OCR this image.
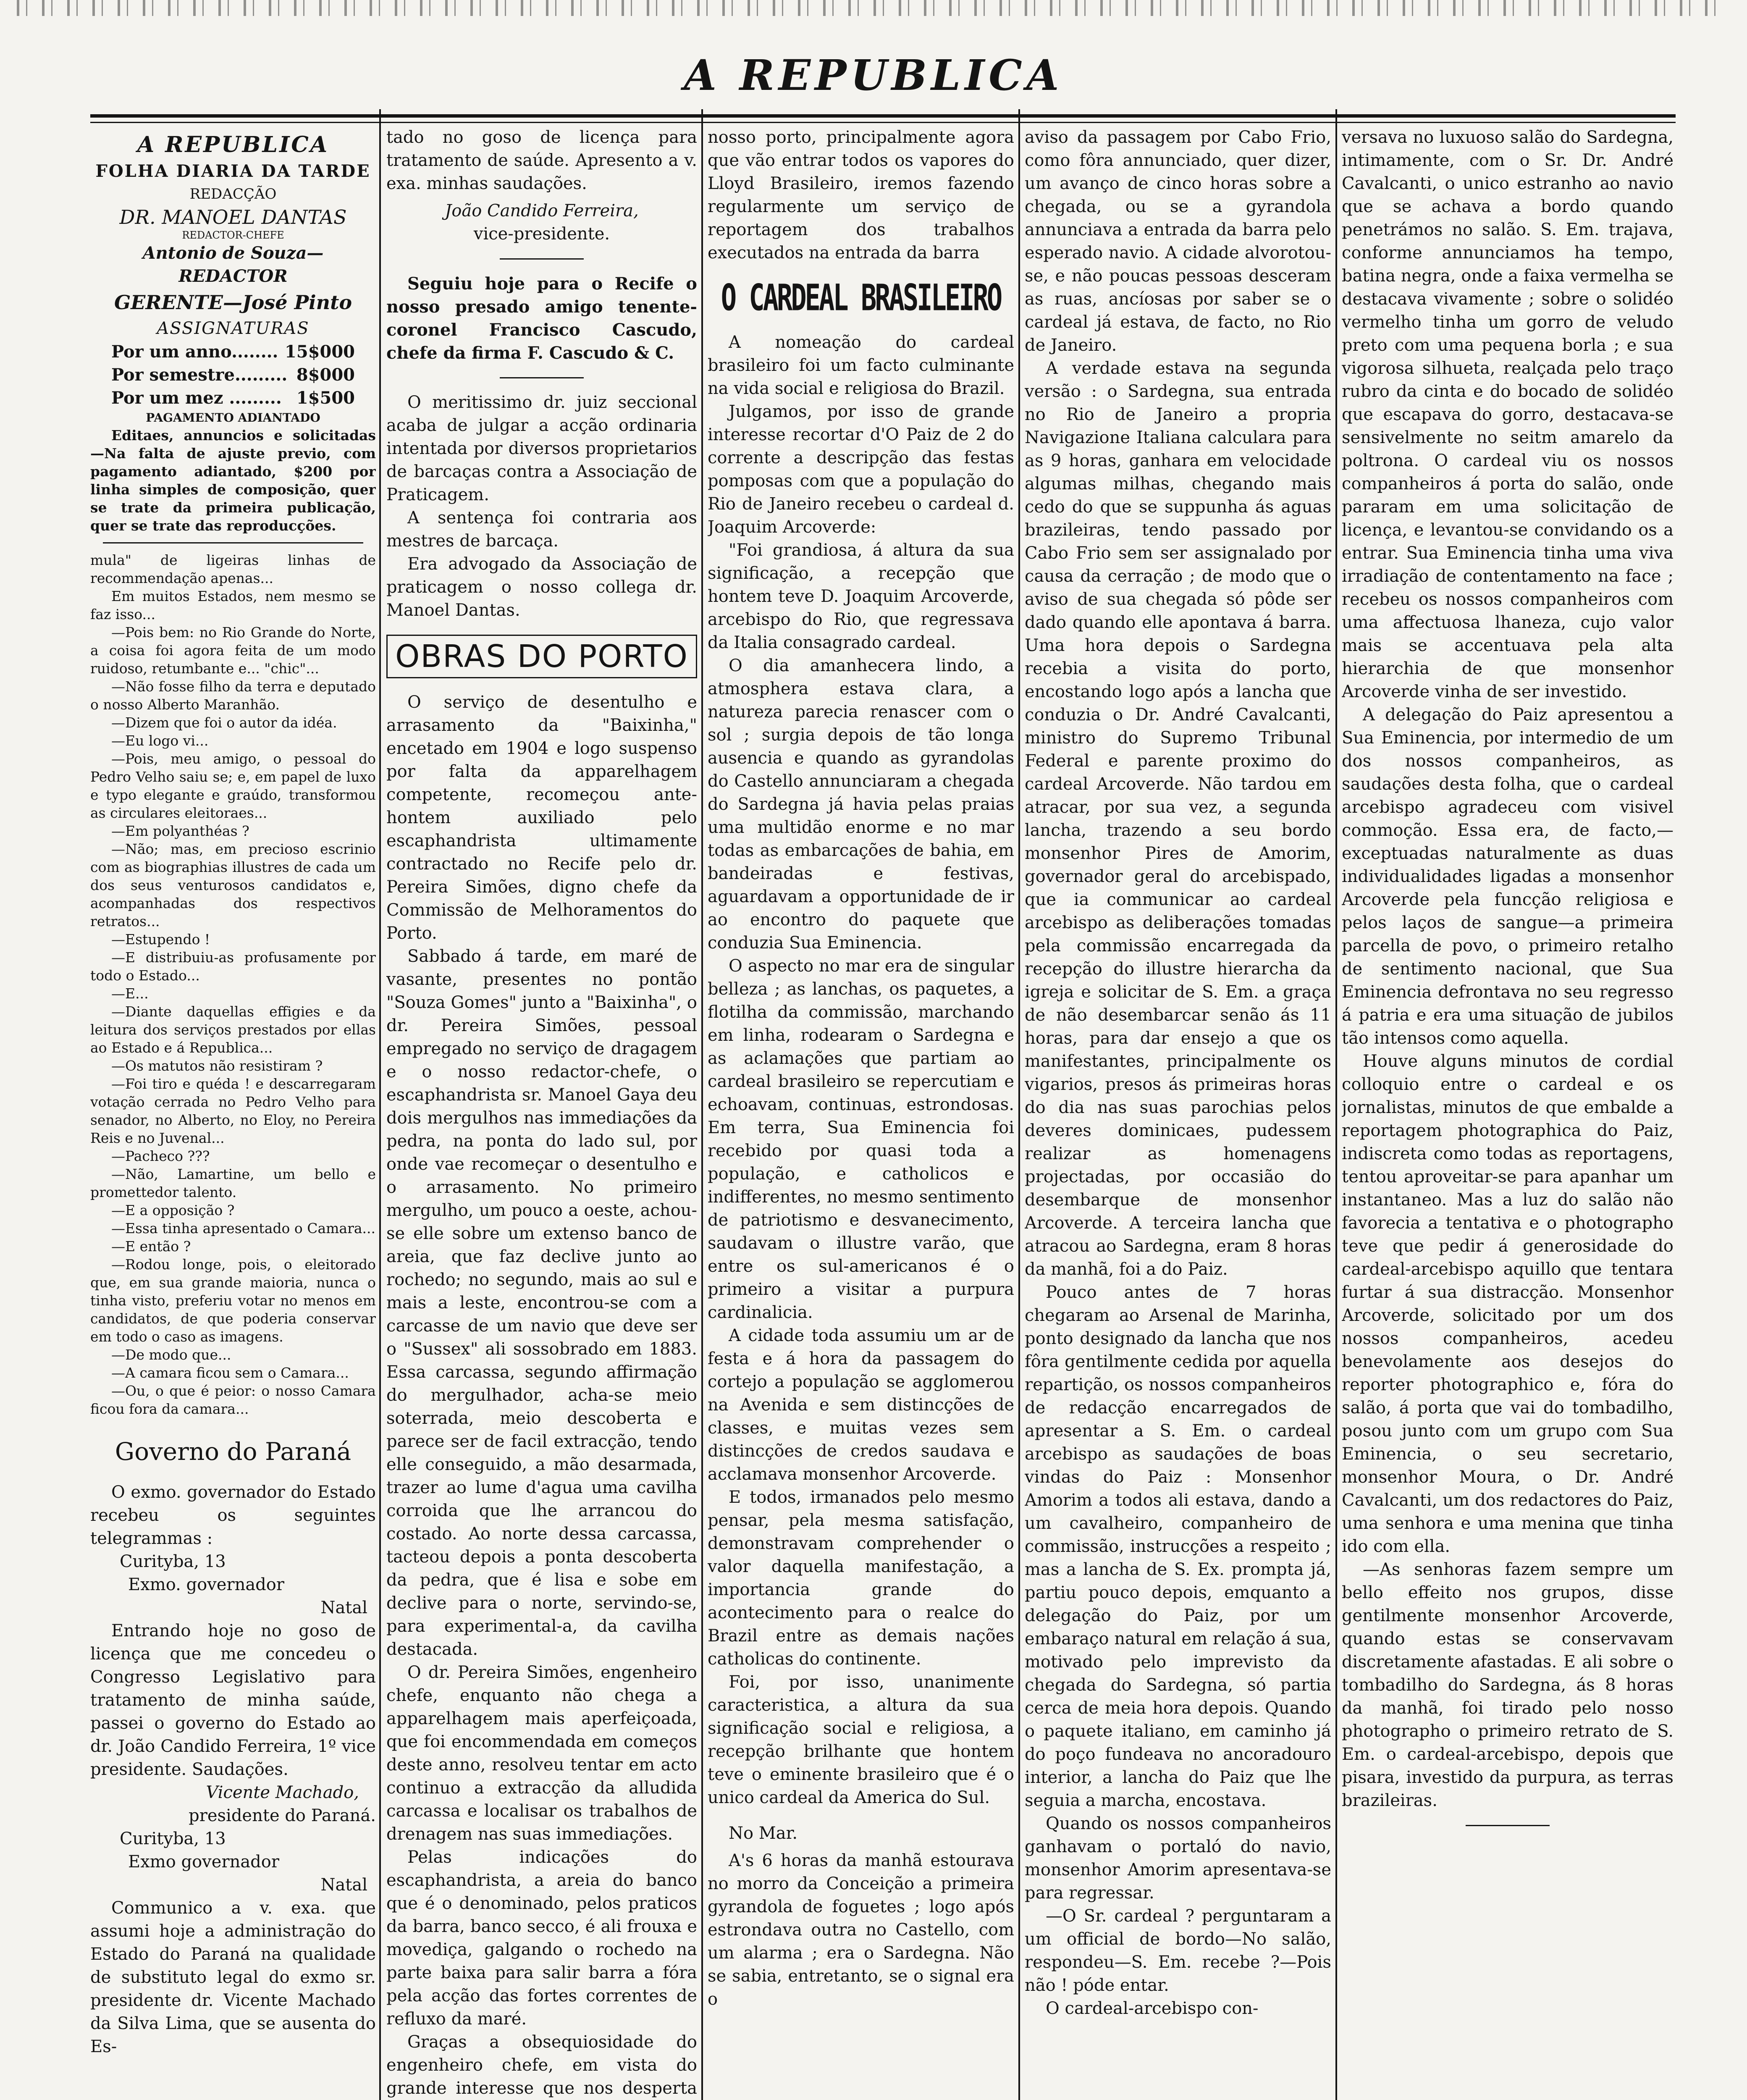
A REPUBLICA
A REPUBLICA

FOLHA DIARIA DA TARDE

REDACÇÃO

DR. MANOEL DANTAS

REDACTOR-CHEFE

Antonio de Souza—REDACTOR

GERENTE—José Pinto

ASSIGNATURAS

Por um anno........ 15$000
Por semestre......... 8$000
Por um mez ......... 1$500

PAGAMENTO ADIANTADO

Editaes, annuncios e solicitadas —Na falta de ajuste previo, com pagamento adiantado, $200 por linha simples de composição, quer se trate da primeira publicação, quer se trate das reproducções.

mula" de ligeiras linhas de recommendação apenas...

Em muitos Estados, nem mesmo se faz isso...

—Pois bem: no Rio Grande do Norte, a coisa foi agora feita de um modo ruidoso, retumbante e... "chic"...

—Não fosse filho da terra e deputado o nosso Alberto Maranhão.

—Dizem que foi o autor da idéa.

—Eu logo vi...

—Pois, meu amigo, o pessoal do Pedro Velho saiu se; e, em papel de luxo e typo elegante e graúdo, transformou as circulares eleitoraes...

—Em polyanthéas ?

—Não; mas, em precioso escrinio com as biographias illustres de cada um dos seus venturosos candidatos e, acompanhadas dos respectivos retratos...

—Estupendo !

—E distribuiu-as profusamente por todo o Estado...

—E...

—Diante daquellas effigies e da leitura dos serviços prestados por ellas ao Estado e á Republica...

—Os matutos não resistiram ?

—Foi tiro e quéda ! e descarregaram votação cerrada no Pedro Velho para senador, no Alberto, no Eloy, no Pereira Reis e no Juvenal...

—Pacheco ???

—Não, Lamartine, um bello e promettedor talento.

—E a opposição ?

—Essa tinha apresentado o Camara...

—E então ?

—Rodou longe, pois, o eleitorado que, em sua grande maioria, nunca o tinha visto, preferiu votar no menos em candidatos, de que poderia conservar em todo o caso as imagens.

—De modo que...

—A camara ficou sem o Camara...

—Ou, o que é peior: o nosso Camara ficou fora da camara...

Governo do Paraná

O exmo. governador do Estado recebeu os seguintes telegrammas :

Curityba, 13

Exmo. governador

Natal

Entrando hoje no goso de licença que me concedeu o Congresso Legislativo para tratamento de minha saúde, passei o governo do Estado ao dr. João Candido Ferreira, 1º vice presidente. Saudações.

Vicente Machado,

presidente do Paraná.

Curityba, 13

Exmo governador

Natal

Communico a v. exa. que assumi hoje a administração do Estado do Paraná na qualidade de substituto legal do exmo sr. presidente dr. Vicente Machado da Silva Lima, que se ausenta do Es-

tado no goso de licença para tratamento de saúde. Apresento a v. exa. minhas saudações.

João Candido Ferreira,

vice-presidente.

Seguiu hoje para o Recife o nosso presado amigo tenente-coronel Francisco Cascudo, chefe da firma F. Cascudo & C.

O meritissimo dr. juiz seccional acaba de julgar a acção ordinaria intentada por diversos proprietarios de barcaças contra a Associação de Praticagem.

A sentença foi contraria aos mestres de barcaça.

Era advogado da Associação de praticagem o nosso collega dr. Manoel Dantas.

OBRAS DO PORTO

O serviço de desentulho e arrasamento da "Baixinha," encetado em 1904 e logo suspenso por falta da apparelhagem competente, recomeçou ante-hontem auxiliado pelo escaphandrista ultimamente contractado no Recife pelo dr. Pereira Simões, digno chefe da Commissão de Melhoramentos do Porto.

Sabbado á tarde, em maré de vasante, presentes no pontão "Souza Gomes" junto a "Baixinha", o dr. Pereira Simões, pessoal empregado no serviço de dragagem e o nosso redactor-chefe, o escaphandrista sr. Manoel Gaya deu dois mergulhos nas immediações da pedra, na ponta do lado sul, por onde vae recomeçar o desentulho e o arrasamento. No primeiro mergulho, um pouco a oeste, achou-se elle sobre um extenso banco de areia, que faz declive junto ao rochedo; no segundo, mais ao sul e mais a leste, encontrou-se com a carcasse de um navio que deve ser o "Sussex" ali sossobrado em 1883. Essa carcassa, segundo affirmação do mergulhador, acha-se meio soterrada, meio descoberta e parece ser de facil extracção, tendo elle conseguido, a mão desarmada, trazer ao lume d'agua uma cavilha corroida que lhe arrancou do costado. Ao norte dessa carcassa, tacteou depois a ponta descoberta da pedra, que é lisa e sobe em declive para o norte, servindo-se, para experimental-a, da cavilha destacada.

O dr. Pereira Simões, engenheiro chefe, enquanto não chega a apparelhagem mais aperfeiçoada, que foi encommendada em começos deste anno, resolveu tentar em acto continuo a extracção da alludida carcassa e localisar os trabalhos de drenagem nas suas immediações.

Pelas indicações do escaphandrista, a areia do banco que é o denominado, pelos praticos da barra, banco secco, é ali frouxa e movediça, galgando o rochedo na parte baixa para salir barra a fóra pela acção das fortes correntes de refluxo da maré.

Graças a obsequiosidade do engenheiro chefe, em vista do grande interesse que nos desperta

nosso porto, principalmente agora que vão entrar todos os vapores do Lloyd Brasileiro, iremos fazendo regularmente um serviço de reportagem dos trabalhos executados na entrada da barra

O CARDEAL BRASILEIRO

A nomeação do cardeal brasileiro foi um facto culminante na vida social e religiosa do Brazil.

Julgamos, por isso de grande interesse recortar d'O Paiz de 2 do corrente a descripção das festas pomposas com que a população do Rio de Janeiro recebeu o cardeal d. Joaquim Arcoverde:

"Foi grandiosa, á altura da sua significação, a recepção que hontem teve D. Joaquim Arcoverde, arcebispo do Rio, que regressava da Italia consagrado cardeal.

O dia amanhecera lindo, a atmosphera estava clara, a natureza parecia renascer com o sol ; surgia depois de tão longa ausencia e quando as gyrandolas do Castello annunciaram a chegada do Sardegna já havia pelas praias uma multidão enorme e no mar todas as embarcações de bahia, em bandeiradas e festivas, aguardavam a opportunidade de ir ao encontro do paquete que conduzia Sua Eminencia.

O aspecto no mar era de singular belleza ; as lanchas, os paquetes, a flotilha da commissão, marchando em linha, rodearam o Sardegna e as aclamações que partiam ao cardeal brasileiro se repercutiam e echoavam, continuas, estrondosas. Em terra, Sua Eminencia foi recebido por quasi toda a população, e catholicos e indifferentes, no mesmo sentimento de patriotismo e desvanecimento, saudavam o illustre varão, que entre os sul-americanos é o primeiro a visitar a purpura cardinalicia.

A cidade toda assumiu um ar de festa e á hora da passagem do cortejo a população se agglomerou na Avenida e sem distincções de classes, e muitas vezes sem distincções de credos saudava e acclamava monsenhor Arcoverde.

E todos, irmanados pelo mesmo pensar, pela mesma satisfação, demonstravam comprehender o valor daquella manifestação, a importancia grande do acontecimento para o realce do Brazil entre as demais nações catholicas do continente.

Foi, por isso, unanimente caracteristica, a altura da sua significação social e religiosa, a recepção brilhante que hontem teve o eminente brasileiro que é o unico cardeal da America do Sul.

No Mar.

A's 6 horas da manhã estourava no morro da Conceição a primeira gyrandola de foguetes ; logo após estrondava outra no Castello, com um alarma ; era o Sardegna. Não se sabia, entretanto, se o signal era o

aviso da passagem por Cabo Frio, como fôra annunciado, quer dizer, um avanço de cinco horas sobre a chegada, ou se a gyrandola annunciava a entrada da barra pelo esperado navio. A cidade alvorotou-se, e não poucas pessoas desceram as ruas, ancíosas por saber se o cardeal já estava, de facto, no Rio de Janeiro.

A verdade estava na segunda versão : o Sardegna, sua entrada no Rio de Janeiro a propria Navigazione Italiana calculara para as 9 horas, ganhara em velocidade algumas milhas, chegando mais cedo do que se suppunha ás aguas brazileiras, tendo passado por Cabo Frio sem ser assignalado por causa da cerração ; de modo que o aviso de sua chegada só pôde ser dado quando elle apontava á barra. Uma hora depois o Sardegna recebia a visita do porto, encostando logo após a lancha que conduzia o Dr. André Cavalcanti, ministro do Supremo Tribunal Federal e parente proximo do cardeal Arcoverde. Não tardou em atracar, por sua vez, a segunda lancha, trazendo a seu bordo monsenhor Pires de Amorim, governador geral do arcebispado, que ia communicar ao cardeal arcebispo as deliberações tomadas pela commissão encarregada da recepção do illustre hierarcha da igreja e solicitar de S. Em. a graça de não desembarcar senão ás 11 horas, para dar ensejo a que os manifestantes, principalmente os vigarios, presos ás primeiras horas do dia nas suas parochias pelos deveres dominicaes, pudessem realizar as homenagens projectadas, por occasião do desembarque de monsenhor Arcoverde. A terceira lancha que atracou ao Sardegna, eram 8 horas da manhã, foi a do Paiz.

Pouco antes de 7 horas chegaram ao Arsenal de Marinha, ponto designado da lancha que nos fôra gentilmente cedida por aquella repartição, os nossos companheiros de redacção encarregados de apresentar a S. Em. o cardeal arcebispo as saudações de boas vindas do Paiz : Monsenhor Amorim a todos ali estava, dando a um cavalheiro, companheiro de commissão, instrucções a respeito ; mas a lancha de S. Ex. prompta já, partiu pouco depois, emquanto a delegação do Paiz, por um embaraço natural em relação á sua, motivado pelo imprevisto da chegada do Sardegna, só partia cerca de meia hora depois. Quando o paquete italiano, em caminho já do poço fundeava no ancoradouro interior, a lancha do Paiz que lhe seguia a marcha, encostava.

Quando os nossos companheiros ganhavam o portaló do navio, monsenhor Amorim apresentava-se para regressar.

—O Sr. cardeal ? perguntaram a um official de bordo—No salão, respondeu—S. Em. recebe ?—Pois não ! póde entar.

O cardeal-arcebispo con-

versava no luxuoso salão do Sardegna, intimamente, com o Sr. Dr. André Cavalcanti, o unico estranho ao navio que se achava a bordo quando penetrámos no salão. S. Em. trajava, conforme annunciamos ha tempo, batina negra, onde a faixa vermelha se destacava vivamente ; sobre o solidéo vermelho tinha um gorro de veludo preto com uma pequena borla ; e sua vigorosa silhueta, realçada pelo traço rubro da cinta e do bocado de solidéo que escapava do gorro, destacava-se sensivelmente no seitm amarelo da poltrona. O cardeal viu os nossos companheiros á porta do salão, onde pararam em uma solicitação de licença, e levantou-se convidando os a entrar. Sua Eminencia tinha uma viva irradiação de contentamento na face ; recebeu os nossos companheiros com uma affectuosa lhaneza, cujo valor mais se accentuava pela alta hierarchia de que monsenhor Arcoverde vinha de ser investido.

A delegação do Paiz apresentou a Sua Eminencia, por intermedio de um dos nossos companheiros, as saudações desta folha, que o cardeal arcebispo agradeceu com visivel commoção. Essa era, de facto,—exceptuadas naturalmente as duas individualidades ligadas a monsenhor Arcoverde pela funcção religiosa e pelos laços de sangue—a primeira parcella de povo, o primeiro retalho de sentimento nacional, que Sua Eminencia defrontava no seu regresso á patria e era uma situação de jubilos tão intensos como aquella.

Houve alguns minutos de cordial colloquio entre o cardeal e os jornalistas, minutos de que embalde a reportagem photographica do Paiz, indiscreta como todas as reportagens, tentou aproveitar-se para apanhar um instantaneo. Mas a luz do salão não favorecia a tentativa e o photographo teve que pedir á generosidade do cardeal-arcebispo aquillo que tentara furtar á sua distracção. Monsenhor Arcoverde, solicitado por um dos nossos companheiros, acedeu benevolamente aos desejos do reporter photographico e, fóra do salão, á porta que vai do tombadilho, posou junto com um grupo com Sua Eminencia, o seu secretario, monsenhor Moura, o Dr. André Cavalcanti, um dos redactores do Paiz, uma senhora e uma menina que tinha ido com ella.

—As senhoras fazem sempre um bello effeito nos grupos, disse gentilmente monsenhor Arcoverde, quando estas se conservavam discretamente afastadas. E ali sobre o tombadilho do Sardegna, ás 8 horas da manhã, foi tirado pelo nosso photographo o primeiro retrato de S. Em. o cardeal-arcebispo, depois que pisara, investido da purpura, as terras brazileiras.
